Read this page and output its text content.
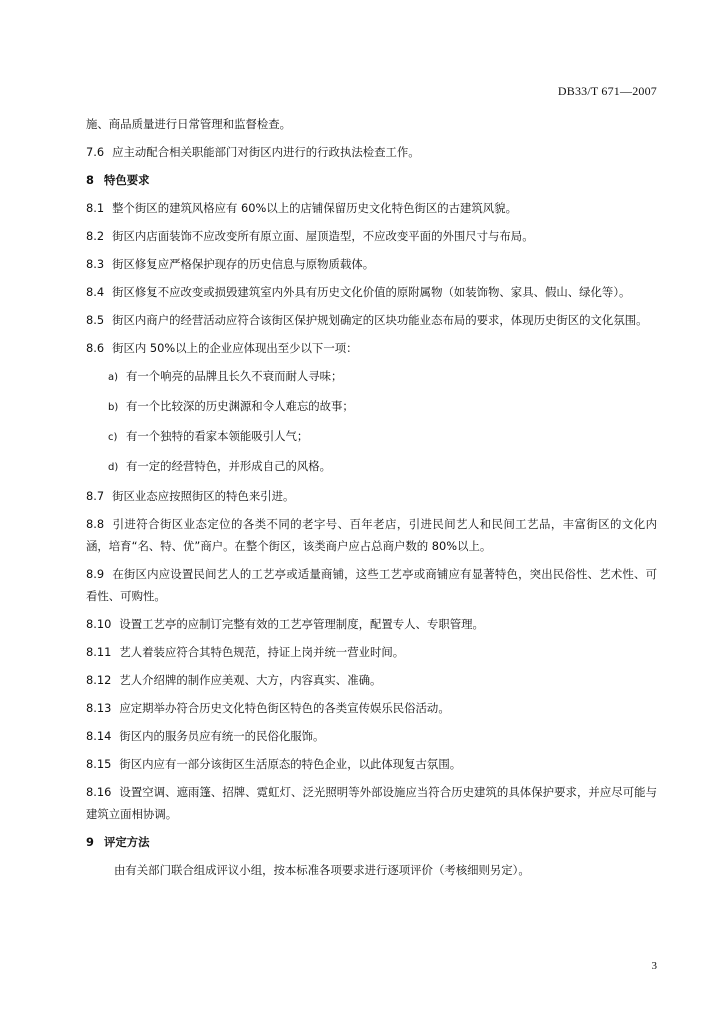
DB33/T 671—2007

施、商品质量进行日常管理和监督检查。

7.6 应主动配合相关职能部门对街区内进行的行政执法检查工作。

8 特色要求

8.1 整个街区的建筑风格应有 60%以上的店铺保留历史文化特色街区的古建筑风貌。

8.2 街区内店面装饰不应改变所有原立面、屋顶造型，不应改变平面的外围尺寸与布局。

8.3 街区修复应严格保护现存的历史信息与原物质载体。

8.4 街区修复不应改变或损毁建筑室内外具有历史文化价值的原附属物（如装饰物、家具、假山、绿化等）。

8.5 街区内商户的经营活动应符合该街区保护规划确定的区块功能业态布局的要求，体现历史街区的文化氛围。

8.6 街区内 50%以上的企业应体现出至少以下一项：

a) 有一个响亮的品牌且长久不衰而耐人寻味；
b) 有一个比较深的历史渊源和令人难忘的故事；
c) 有一个独特的看家本领能吸引人气；
d) 有一定的经营特色，并形成自己的风格。

8.7 街区业态应按照街区的特色来引进。

8.8 引进符合街区业态定位的各类不同的老字号、百年老店，引进民间艺人和民间工艺品，丰富街区的文化内涵，培育“名、特、优”商户。在整个街区，该类商户应占总商户数的 80%以上。

8.9 在街区内应设置民间艺人的工艺亭或适量商铺，这些工艺亭或商铺应有显著特色，突出民俗性、艺术性、可看性、可购性。

8.10 设置工艺亭的应制订完整有效的工艺亭管理制度，配置专人、专职管理。

8.11 艺人着装应符合其特色规范，持证上岗并统一营业时间。

8.12 艺人介绍牌的制作应美观、大方，内容真实、准确。

8.13 应定期举办符合历史文化特色街区特色的各类宣传娱乐民俗活动。

8.14 街区内的服务员应有统一的民俗化服饰。

8.15 街区内应有一部分该街区生活原态的特色企业，以此体现复古氛围。

8.16 设置空调、遮雨篷、招牌、霓虹灯、泛光照明等外部设施应当符合历史建筑的具体保护要求，并应尽可能与建筑立面相协调。

9 评定方法

由有关部门联合组成评议小组，按本标准各项要求进行逐项评价（考核细则另定）。

3
